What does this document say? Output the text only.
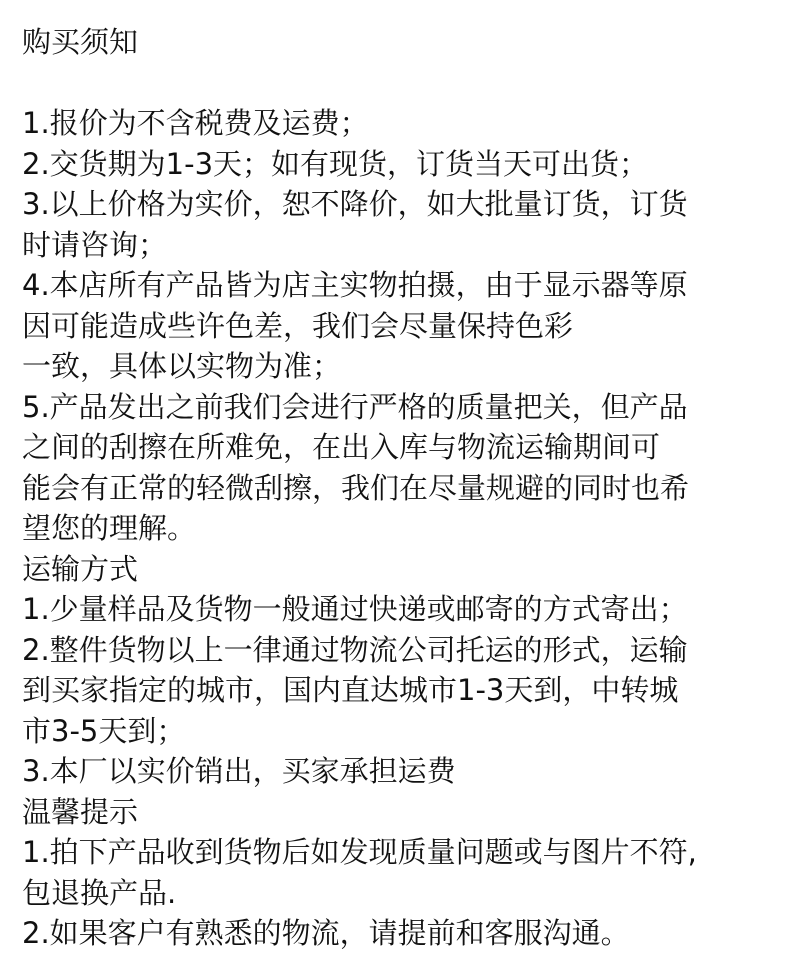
购买须知
1.报价为不含税费及运费；
2.交货期为1-3天；如有现货，订货当天可出货；
3.以上价格为实价，恕不降价，如大批量订货，订货
时请咨询；
4.本店所有产品皆为店主实物拍摄，由于显示器等原
因可能造成些许色差，我们会尽量保持色彩
一致，具体以实物为准；
5.产品发出之前我们会进行严格的质量把关，但产品
之间的刮擦在所难免，在出入库与物流运输期间可
能会有正常的轻微刮擦，我们在尽量规避的同时也希
望您的理解。
运输方式
1.少量样品及货物一般通过快递或邮寄的方式寄出；
2.整件货物以上一律通过物流公司托运的形式，运输
到买家指定的城市，国内直达城市1-3天到，中转城
市3-5天到；
3.本厂以实价销出，买家承担运费
温馨提示
1.拍下产品收到货物后如发现质量问题或与图片不符,
包退换产品.
2.如果客户有熟悉的物流，请提前和客服沟通。
